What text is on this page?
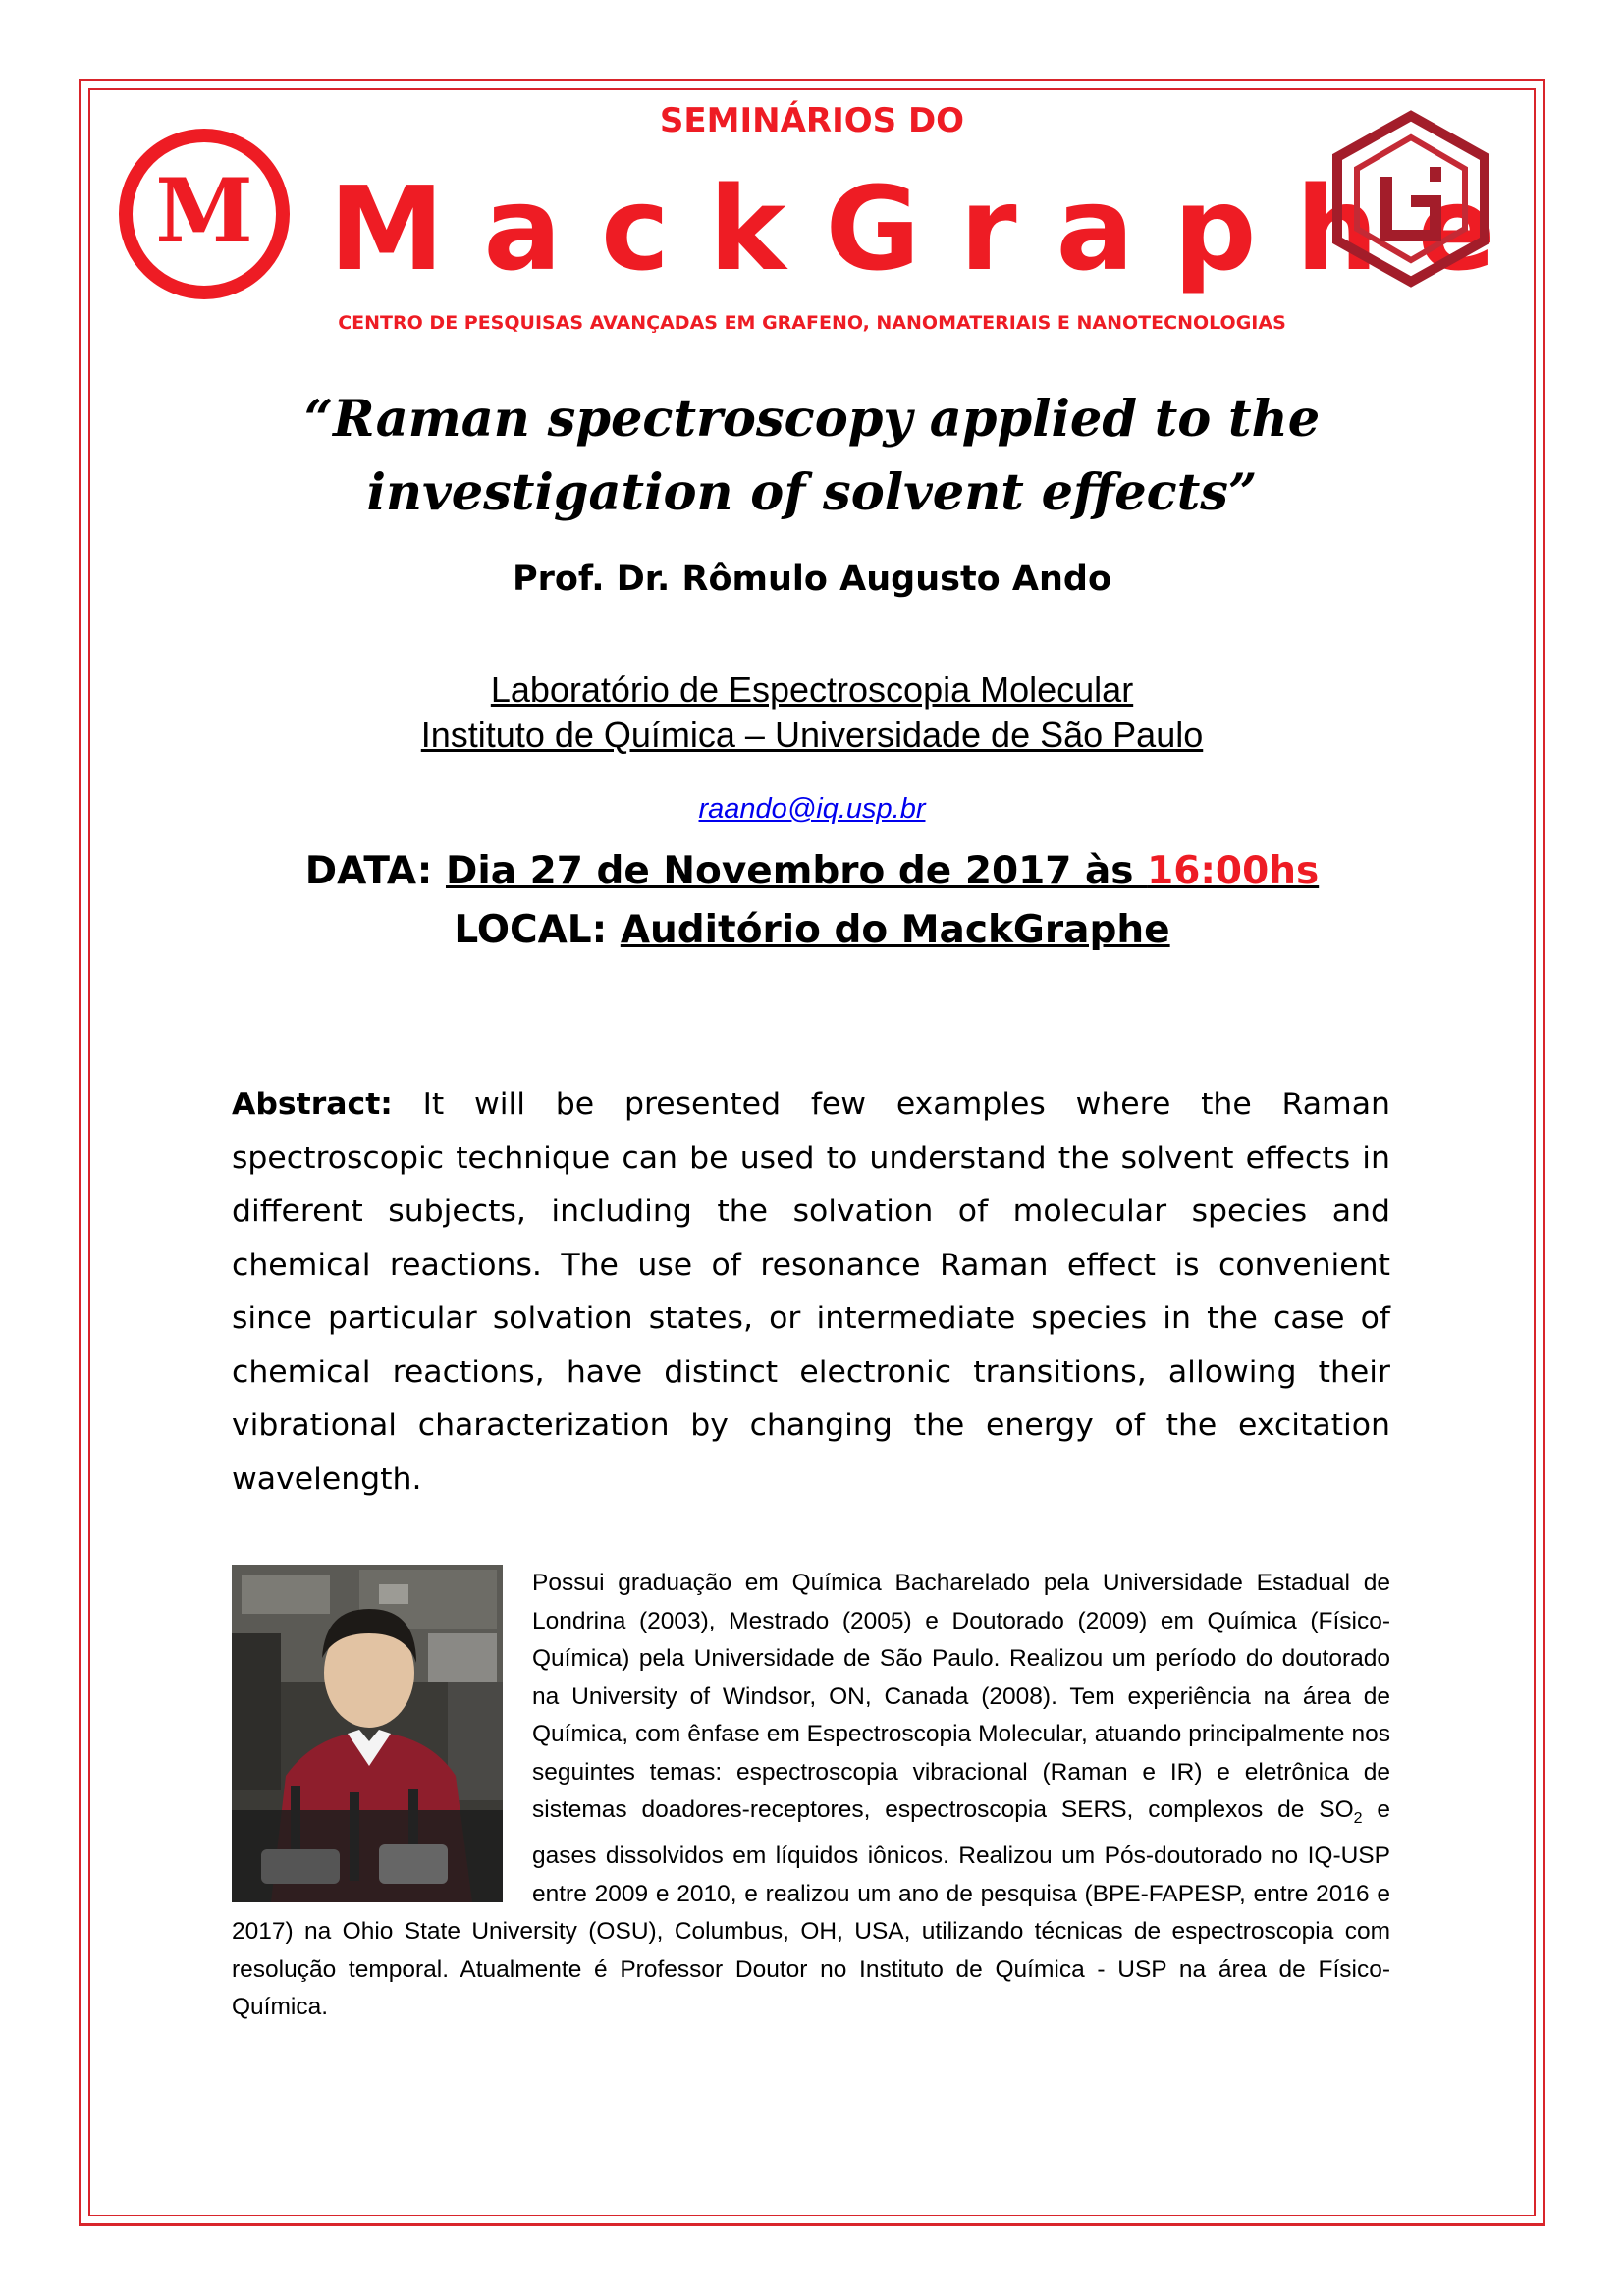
M
SEMINÁRIOS DO
MackGraphe
CENTRO DE PESQUISAS AVANÇADAS EM GRAFENO, NANOMATERIAIS E NANOTECNOLOGIAS
“Raman spectroscopy applied to the
investigation of solvent effects”
Prof. Dr. Rômulo Augusto Ando
Laboratório de Espectroscopia Molecular
Instituto de Química – Universidade de São Paulo
raando@iq.usp.br
DATA: Dia 27 de Novembro de 2017 às 16:00hs
LOCAL: Auditório do MackGraphe
Abstract: It will be presented few examples where the Raman spectroscopic technique can be used to understand the solvent effects in different subjects, including the solvation of molecular species and chemical reactions. The use of resonance Raman effect is convenient since particular solvation states, or intermediate species in the case of chemical reactions, have distinct electronic transitions, allowing their vibrational characterization by changing the energy of the excitation wavelength.
Possui graduação em Química Bacharelado pela Universidade Estadual de Londrina (2003), Mestrado (2005) e Doutorado (2009) em Química (Físico-Química) pela Universidade de São Paulo. Realizou um período do doutorado na University of Windsor, ON, Canada (2008). Tem experiência na área de Química, com ênfase em Espectroscopia Molecular, atuando principalmente nos seguintes temas: espectroscopia vibracional (Raman e IR) e eletrônica de sistemas doadores-receptores, espectroscopia SERS, complexos de $SO_2$ e gases dissolvidos em líquidos iônicos. Realizou um Pós-doutorado no IQ-USP entre 2009 e 2010, e realizou um ano de pesquisa (BPE-FAPESP, entre 2016 e 2017) na Ohio State University (OSU), Columbus, OH, USA, utilizando técnicas de espectroscopia com resolução temporal. Atualmente é Professor Doutor no Instituto de Química - USP na área de Físico-Química.
